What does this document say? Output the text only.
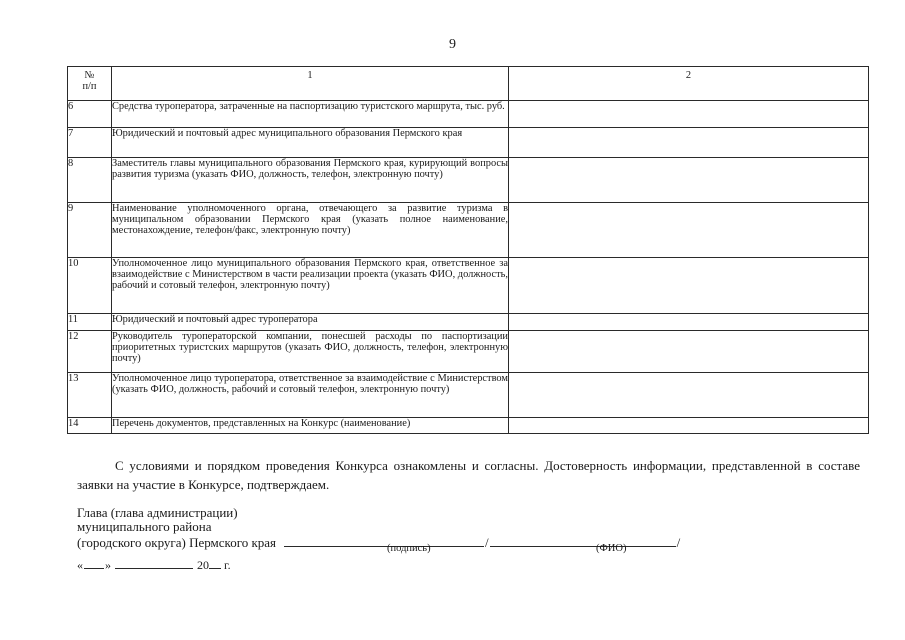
9
№
п/п	1	2
6	Средства туроператора, затраченные на паспортизацию туристского маршрута, тыс. руб.	
7	Юридический и почтовый адрес муниципального образования Пермского края	
8	Заместитель главы муниципального образования Пермского края, курирующий вопросы развития туризма (указать ФИО, должность, телефон, электронную почту)	
9	Наименование уполномоченного органа, отвечающего за развитие туризма в муниципальном образовании Пермского края (указать полное наименование, местонахождение, телефон/факс, электронную почту)	
10	Уполномоченное лицо муниципального образования Пермского края, ответственное за взаимодействие с Министерством в части реализации проекта (указать ФИО, должность, рабочий и сотовый телефон, электронную почту)	
11	Юридический и почтовый адрес туроператора	
12	Руководитель туроператорской компании, понесшей расходы по паспортизации приоритетных туристских маршрутов (указать ФИО, должность, телефон, электронную почту)	
13	Уполномоченное лицо туроператора, ответственное за взаимодействие с Министерством (указать ФИО, должность, рабочий и сотовый телефон, электронную почту)	
14	Перечень документов, представленных на Конкурс (наименование)	

С условиями и порядком проведения Конкурса ознакомлены и согласны. Достоверность информации, представленной в составе заявки на участие в Конкурсе, подтверждаем.

Глава (глава администрации)
муниципального района
(городского округа) Пермского края	/	/
(подпись)	(ФИО)
« »	20 г.
